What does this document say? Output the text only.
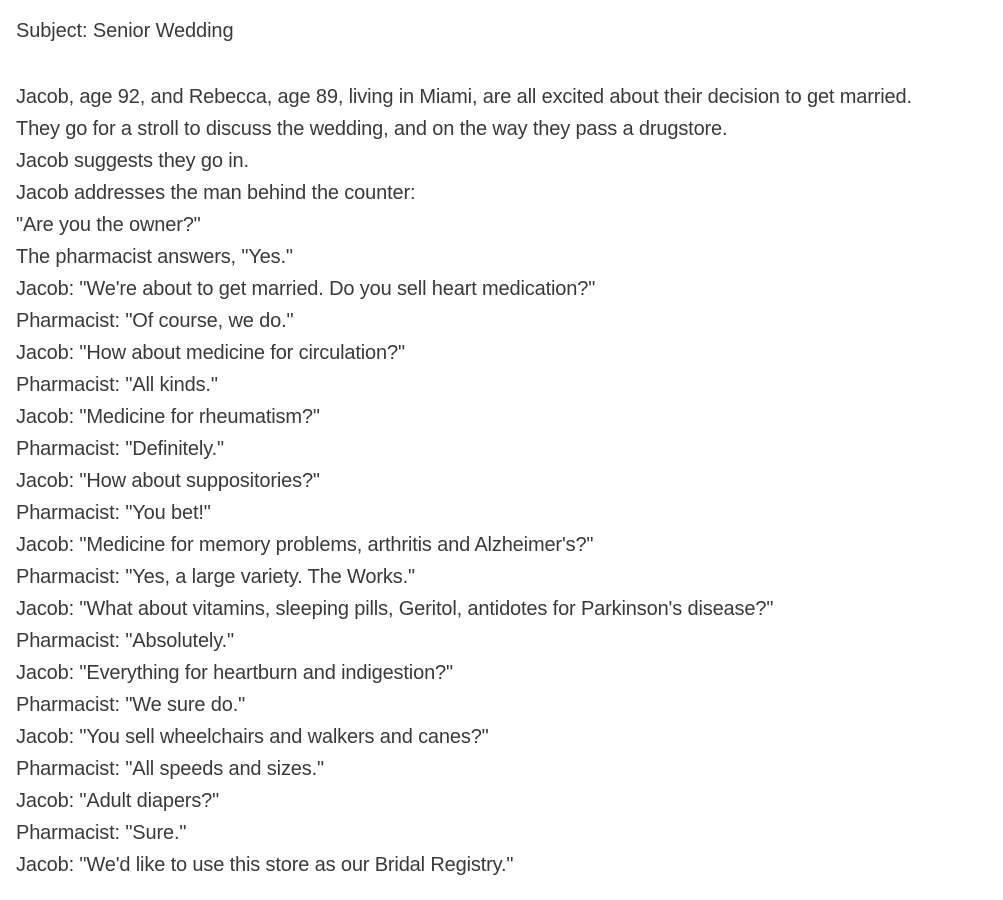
Subject: Senior Wedding

Jacob, age 92, and Rebecca, age 89, living in Miami, are all excited about their decision to get married.

They go for a stroll to discuss the wedding, and on the way they pass a drugstore.

Jacob suggests they go in.

Jacob addresses the man behind the counter:

"Are you the owner?"

The pharmacist answers, "Yes."

Jacob: "We're about to get married. Do you sell heart medication?"

Pharmacist: "Of course, we do."

Jacob: "How about medicine for circulation?"

Pharmacist: "All kinds."

Jacob: "Medicine for rheumatism?"

Pharmacist: "Definitely."

Jacob: "How about suppositories?"

Pharmacist: "You bet!"

Jacob: "Medicine for memory problems, arthritis and Alzheimer's?"

Pharmacist: "Yes, a large variety. The Works."

Jacob: "What about vitamins, sleeping pills, Geritol, antidotes for Parkinson's disease?"

Pharmacist: "Absolutely."

Jacob: "Everything for heartburn and indigestion?"

Pharmacist: "We sure do."

Jacob: "You sell wheelchairs and walkers and canes?"

Pharmacist: "All speeds and sizes."

Jacob: "Adult diapers?"

Pharmacist: "Sure."

Jacob: "We'd like to use this store as our Bridal Registry."
